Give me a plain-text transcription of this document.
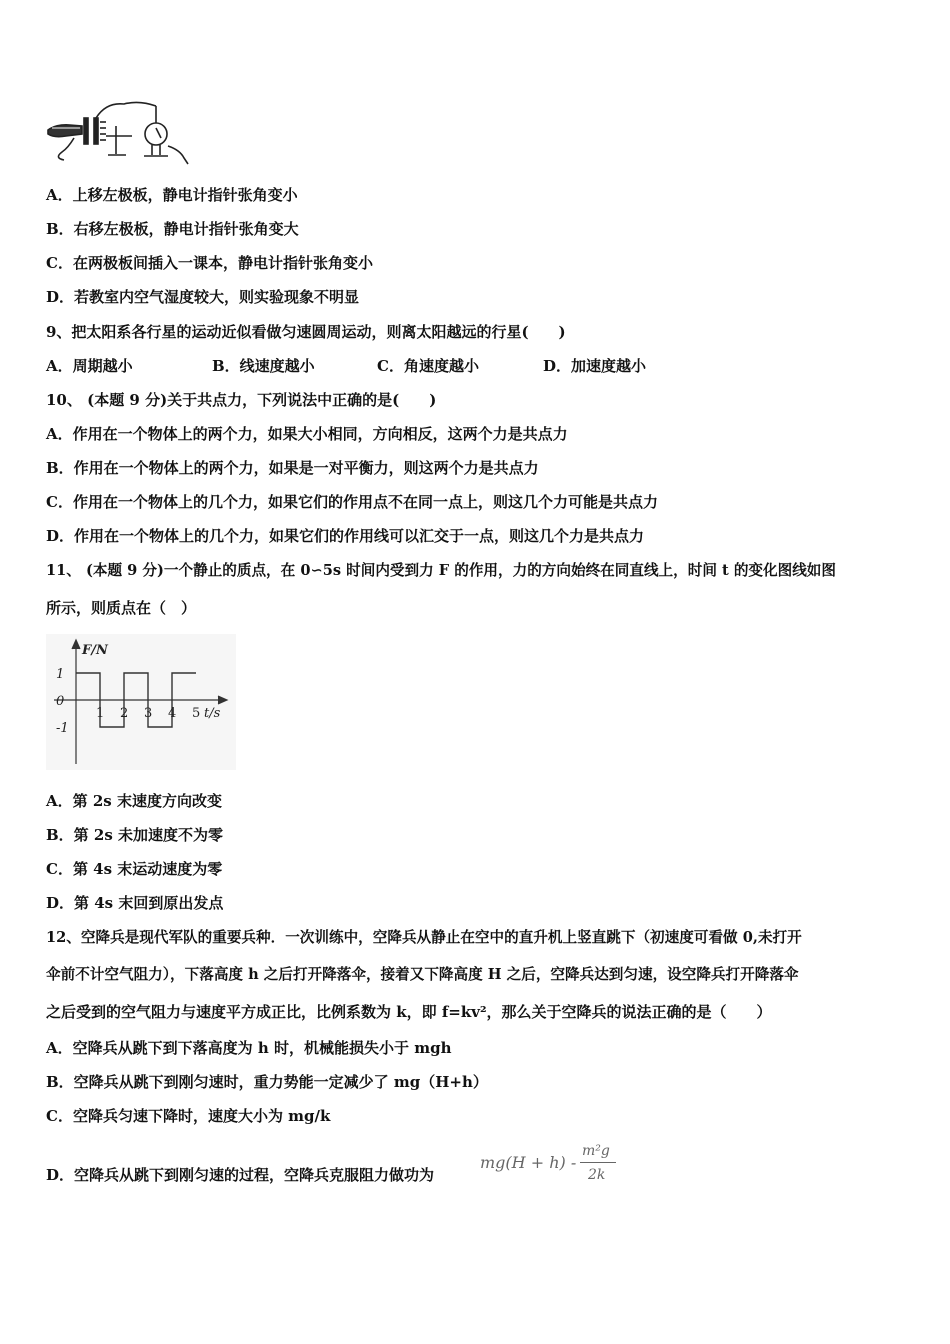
A．上移左极板，静电计指针张角变小
B．右移左极板，静电计指针张角变大
C．在两极板间插入一课本，静电计指针张角变小
D．若教室内空气湿度较大，则实验现象不明显
9、把太阳系各行星的运动近似看做匀速圆周运动，则离太阳越远的行星(　　)
A．周期越小	B．线速度越小	C．角速度越小	D．加速度越小
10、 (本题 9 分)关于共点力，下列说法中正确的是(　　)
A．作用在一个物体上的两个力，如果大小相同，方向相反，这两个力是共点力
B．作用在一个物体上的两个力，如果是一对平衡力，则这两个力是共点力
C．作用在一个物体上的几个力，如果它们的作用点不在同一点上，则这几个力可能是共点力
D．作用在一个物体上的几个力，如果它们的作用线可以汇交于一点，则这几个力是共点力
11、 (本题 9 分)一个静止的质点，在 0∽5s 时间内受到力 F 的作用，力的方向始终在同直线上，时间 t 的变化图线如图
所示，则质点在（　）
1 2 3 4 5
1
0
-1
F/N
t/s
A．第 2s 末速度方向改变
B．第 2s 未加速度不为零
C．第 4s 末运动速度为零
D．第 4s 末回到原出发点
12、空降兵是现代军队的重要兵种．一次训练中，空降兵从静止在空中的直升机上竖直跳下（初速度可看做 0,未打开
伞前不计空气阻力），下落高度 h 之后打开降落伞，接着又下降高度 H 之后，空降兵达到匀速，设空降兵打开降落伞
之后受到的空气阻力与速度平方成正比，比例系数为 k，即 f=kv²，那么关于空降兵的说法正确的是（　　）
A．空降兵从跳下到下落高度为 h 时，机械能损失小于 mgh
B．空降兵从跳下到刚匀速时，重力势能一定减少了 mg（H+h）
C．空降兵匀速下降时，速度大小为 mg/k
D．空降兵从跳下到刚匀速的过程，空降兵克服阻力做功为
mg(H + h) -
m²g
2k
